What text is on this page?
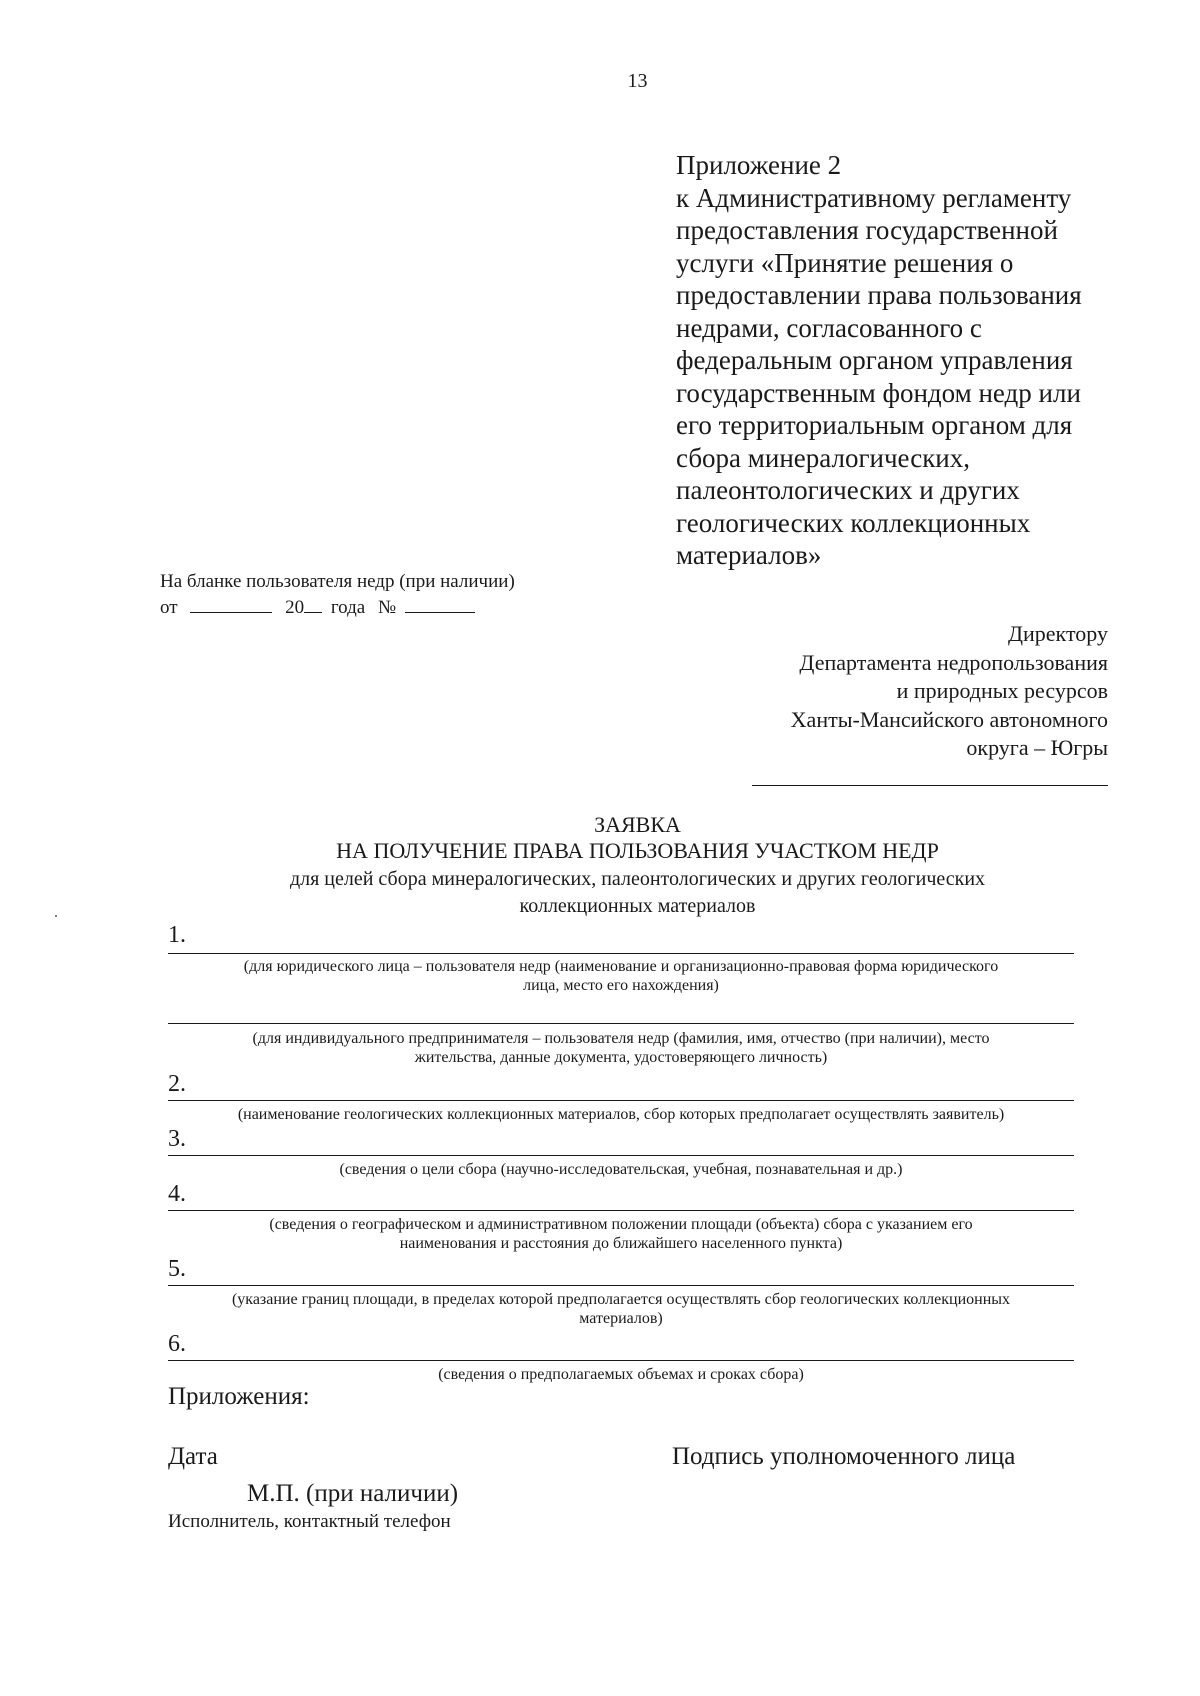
13
Приложение 2
к Административному регламенту
предоставления государственной
услуги «Принятие решения о
предоставлении права пользования
недрами, согласованного с
федеральным органом управления
государственным фондом недр или
его территориальным органом для
сбора минералогических,
палеонтологических и других
геологических коллекционных
материалов»
На бланке пользователя недр (при наличии)
от	20 года №
Директору
Департамента недропользования
и природных ресурсов
Ханты-Мансийского автономного
округа – Югры
ЗАЯВКА
НА ПОЛУЧЕНИЕ ПРАВА ПОЛЬЗОВАНИЯ УЧАСТКОМ НЕДР
для целей сбора минералогических, палеонтологических и других геологических
коллекционных материалов
1.
(для юридического лица – пользователя недр (наименование и организационно-правовая форма юридического
лица, место его нахождения)
(для индивидуального предпринимателя – пользователя недр (фамилия, имя, отчество (при наличии), место
жительства, данные документа, удостоверяющего личность)
2.
(наименование геологических коллекционных материалов, сбор которых предполагает осуществлять заявитель)
3.
(сведения о цели сбора (научно-исследовательская, учебная, познавательная и др.)
4.
(сведения о географическом и административном положении площади (объекта) сбора с указанием его
наименования и расстояния до ближайшего населенного пункта)
5.
(указание границ площади, в пределах которой предполагается осуществлять сбор геологических коллекционных
материалов)
6.
(сведения о предполагаемых объемах и сроках сбора)
Приложения:
Дата	Подпись уполномоченного лица
М.П. (при наличии)
Исполнитель, контактный телефон
